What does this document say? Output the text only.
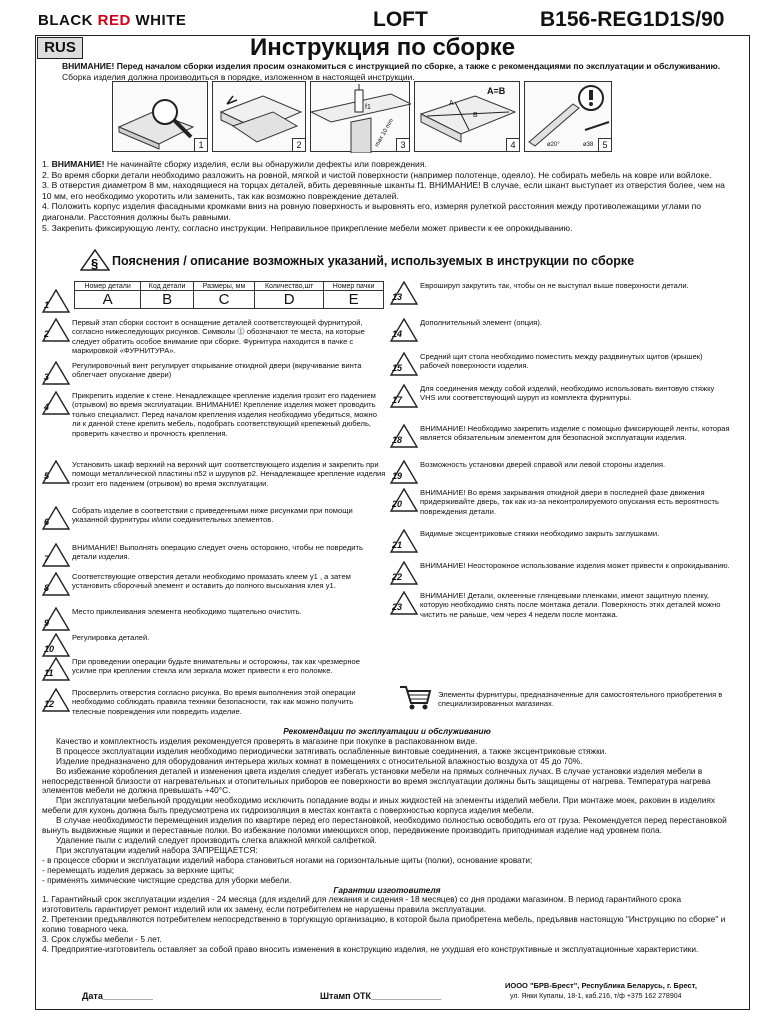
BLACK RED WHITE	LOFT	B156-REG1D1S/90
RUS	Инструкция по сборке
ВНИМАНИЕ! Перед началом сборки изделия просим ознакомиться с инструкцией по сборке, а также с рекомендациями по эксплуатации и обслуживанию. Сборка изделия должна производиться в порядке, изложенном в настоящей инструкции.
1	2
f1
max 10 mm 3
A=B
A
B
4	ø20°	ø38	5
1. ВНИМАНИЕ! Не начинайте сборку изделия, если вы обнаружили дефекты или повреждения.
2. Во время сборки детали необходимо разложить на ровной, мягкой и чистой поверхности (например полотенце, одеяло). Не собирать мебель на ковре или войлоке.
3. В отверстия диаметром 8 мм, находящиеся на торцах деталей, вбить деревянные шканты f1. ВНИМАНИЕ! В случае, если шкант выступает из отверстия более, чем на 10 мм, его необходимо укоротить или заменить, так как возможно повреждение деталей.
4. Положить корпус изделия фасадными кромками вниз на ровную поверхность и выровнять его, измеряя рулеткой расстояния между противолежащими углами по диагонали. Расстояния должны быть равными.
5. Закрепить фиксирующую ленту, согласно инструкции. Неправильное прикрепление мебели может привести к ее опрокидыванию.
§ Пояснения / описание возможных указаний, используемых в инструкции по сборке
Номер детали	Код детали	Размеры, мм	Количество,шт	Номер пачки
A	B	C	D	E
1
2
Первый этап сборки состоит в оснащение деталей соответствующей фурнитурой, согласно нижеследующих рисунков. Символы ⓵ обозначают те места, на которые следует обратить особое внимание при сборке. Фурнитура находится в пачке с маркировкой «ФУРНИТУРА».
3
Регулировочный винт регулирует открывание откидной двери (вкручивание винта облегчает опускание двери)
4
Прикрепить изделие к стене. Ненадлежащее крепление изделия грозит его падением (отрывом) во время эксплуатации. ВНИМАНИЕ! Крепление изделия может проводить только специалист. Перед началом крепления изделия необходимо убедиться, можно ли к данной стене крепить мебель, подобрать соответствующий крепежный дюбель, проверить качество и прочность крепления.
5
Установить шкаф верхний на верхний щит соответствующего изделия и закрепить при помощи металлической пластины п52 и шурупов р2. Ненадлежащее крепление изделия грозит его падением (отрывом) во время эксплуатации.
6
Собрать изделие в соответствии с приведенными ниже рисунками при помощи указанной фурнитуры и/или соединительных элементов.
7
ВНИМАНИЕ! Выполнять операцию следует очень осторожно, чтобы не повредить детали изделия.
8
Соответствующие отверстия детали необходимо промазать клеем у1 , а затем установить сборочный элемент и оставить до полного высыхания клея у1.
9
Место приклеивания элемента необходимо тщательно очистить.
10
Регулировка деталей.
11
При проведении операции будьте внимательны и осторожны, так как чрезмерное усилие при креплении стекла или зеркала может привести к его поломке.
12
Просверлить отверстия согласно рисунка. Во время выполнения этой операции необходимо соблюдать правила техники безопасности, так как можно получить телесные повреждения или повредить изделие.
13
Еврошируп закрутить так, чтобы он не выступал выше поверхности детали.
14
Дополнительный элемент (опция).
15
Средний щит стола необходимо поместить между раздвинутых щитов (крышек) рабочей поверхности изделия.
17
Для соединения между собой изделий, необходимо использовать винтовую стяжку VHS или соответствующий шуруп из комплекта фурнитуры.
18
ВНИМАНИЕ! Необходимо закрепить изделие с помощью фиксирующей ленты, которая является обязательным элементом для безопасной эксплуатации изделия.
19
Возможность установки дверей справой или левой стороны изделия.
20
ВНИМАНИЕ! Во время закрывания откидной двери в последней фазе движения придерживайте дверь, так как из-за неконтролируемого опускания есть вероятность повреждения детали.
21
Видимые эксцентриковые стяжки необходимо закрыть заглушками.
22
ВНИМАНИЕ! Неосторожное использование изделия может привести к опрокидыванию.
23
ВНИМАНИЕ! Детали, оклеенные глянцевыми пленками, имеют защитную пленку, которую необходимо снять после монтажа детали. Поверхность этих деталей можно чистить не раньше, чем через 4 недели после монтажа.
Элементы фурнитуры, предназначенные для самостоятельного приобретения в специализированных магазинах.
Рекомендации по эксплуатации и обслуживанию
Качество и комплектность изделия рекомендуется проверять в магазине при покупке в распакованном виде.
В процессе эксплуатации изделия необходимо периодически затягивать ослабленные винтовые соединения, а также эксцентриковые стяжки.
Изделие предназначено для оборудования интерьера жилых комнат в помещениях с относительной влажностью воздуха от 45 до 70%.
Во избежание коробления деталей и изменения цвета изделия следует избегать установки мебели на прямых солнечных лучах. В случае установки изделия мебели в непосредственной близости от нагревательных и отопительных приборов ее поверхности во время эксплуатации должны быть защищены от нагрева. Температура нагрева элементов мебели не должна превышать +40°С.
При эксплуатации мебельной продукции необходимо исключить попадание воды и иных жидкостей на элементы изделий мебели. При монтаже моек, раковин в изделиях мебели для кухонь должна быть предусмотрена их гидроизоляция в местах контакта с поверхностью корпуса изделия мебели.
В случае необходимости перемещения изделия по квартире перед его перестановкой, необходимо полностью освободить его от груза. Рекомендуется перед перестановкой вынуть выдвижные ящики и переставные полки. Во избежание поломки имеющихся опор, передвижение производить приподнимая изделие над уровнем пола.
Удаление пыли с изделий следует производить слегка влажной мягкой салфеткой.
При эксплуатации изделий набора ЗАПРЕЩАЕТСЯ:
- в процессе сборки и эксплуатации изделий набора становиться ногами на горизонтальные щиты (полки), основание кровати;
- перемещать изделия держась за верхние щиты;
- применять химические чистящие средства для уборки мебели.
Гарантии изготовителя
1. Гарантийный срок эксплуатации изделия - 24 месяца (для изделий для лежания и сидения - 18 месяцев) со дня продажи магазином. В период гарантийного срока изготовитель гарантирует ремонт изделий или их замену, если потребителем не нарушены правила эксплуатации.
2. Претензии предъявляются потребителем непосредственно в торгующую организацию, в которой была приобретена мебель, предъявив настоящую "Инструкцию по сборке" и копию товарного чека.
3. Срок службы мебели - 5 лет.
4. Предприятие-изготовитель оставляет за собой право вносить изменения в конструкцию изделия, не ухудшая его конструктивные и эксплуатационные характеристики.
ИООО "БРВ-Брест", Республика Беларусь, г. Брест,
ул. Янки Купалы, 18-1, каб.216, т/ф +375 162 278904
Дата__________	Штамп ОТК______________
